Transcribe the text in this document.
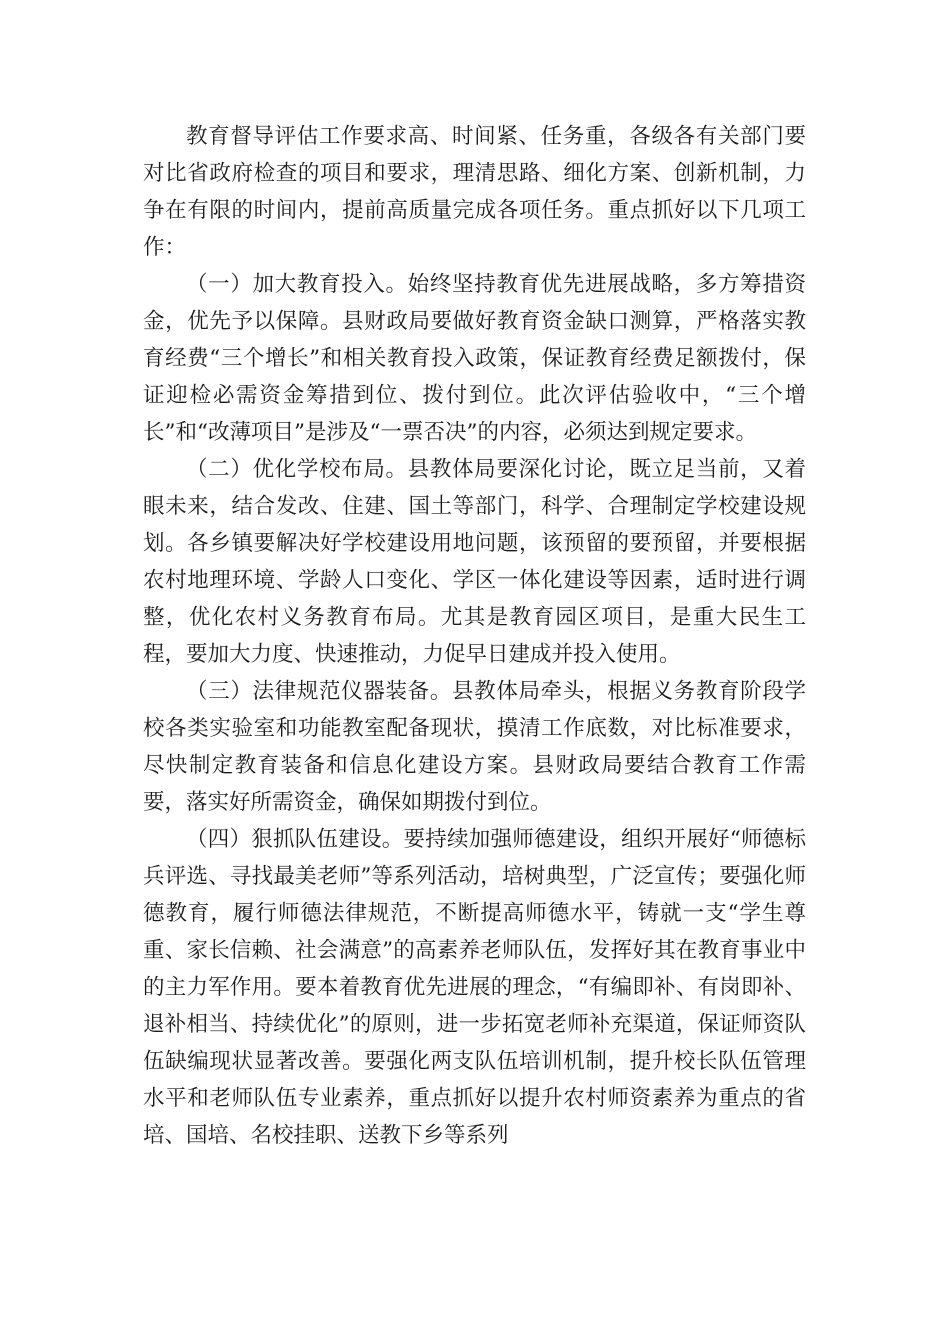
教育督导评估工作要求高、时间紧、任务重，各级各有关部门要对比省政府检查的项目和要求，理清思路、细化方案、创新机制，力争在有限的时间内，提前高质量完成各项任务。重点抓好以下几项工作：

（一）加大教育投入。始终坚持教育优先进展战略，多方筹措资金，优先予以保障。县财政局要做好教育资金缺口测算，严格落实教育经费“三个增长”和相关教育投入政策，保证教育经费足额拨付，保证迎检必需资金筹措到位、拨付到位。此次评估验收中，“三个增长”和“改薄项目”是涉及“一票否决”的内容，必须达到规定要求。

（二）优化学校布局。县教体局要深化讨论，既立足当前，又着眼未来，结合发改、住建、国土等部门，科学、合理制定学校建设规划。各乡镇要解决好学校建设用地问题，该预留的要预留，并要根据农村地理环境、学龄人口变化、学区一体化建设等因素，适时进行调整，优化农村义务教育布局。尤其是教育园区项目，是重大民生工程，要加大力度、快速推动，力促早日建成并投入使用。

（三）法律规范仪器装备。县教体局牵头，根据义务教育阶段学校各类实验室和功能教室配备现状，摸清工作底数，对比标准要求，尽快制定教育装备和信息化建设方案。县财政局要结合教育工作需要，落实好所需资金，确保如期拨付到位。

（四）狠抓队伍建设。要持续加强师德建设，组织开展好“师德标兵评选、寻找最美老师”等系列活动，培树典型，广泛宣传；要强化师德教育，履行师德法律规范，不断提高师德水平，铸就一支“学生尊重、家长信赖、社会满意”的高素养老师队伍，发挥好其在教育事业中的主力军作用。要本着教育优先进展的理念，“有编即补、有岗即补、退补相当、持续优化”的原则，进一步拓宽老师补充渠道，保证师资队伍缺编现状显著改善。要强化两支队伍培训机制，提升校长队伍管理水平和老师队伍专业素养，重点抓好以提升农村师资素养为重点的省培、国培、名校挂职、送教下乡等系列
